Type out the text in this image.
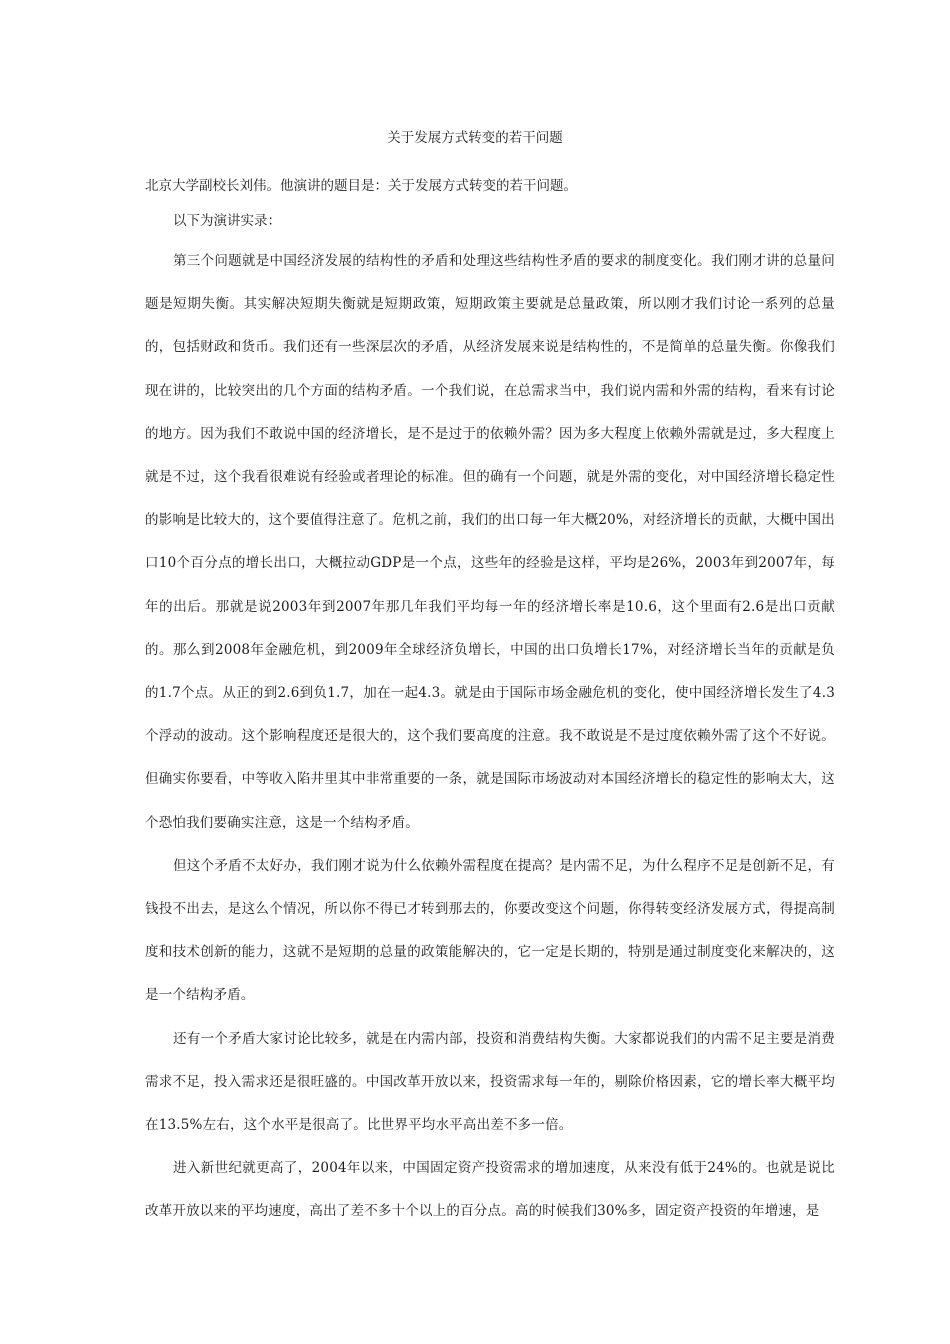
关于发展方式转变的若干问题

北京大学副校长刘伟。他演讲的题目是：关于发展方式转变的若干问题。

以下为演讲实录：

第三个问题就是中国经济发展的结构性的矛盾和处理这些结构性矛盾的要求的制度变化。我们刚才讲的总量问题是短期失衡。其实解决短期失衡就是短期政策，短期政策主要就是总量政策，所以刚才我们讨论一系列的总量的，包括财政和货币。我们还有一些深层次的矛盾，从经济发展来说是结构性的，不是简单的总量失衡。你像我们现在讲的，比较突出的几个方面的结构矛盾。一个我们说，在总需求当中，我们说内需和外需的结构，看来有讨论的地方。因为我们不敢说中国的经济增长，是不是过于的依赖外需？因为多大程度上依赖外需就是过，多大程度上就是不过，这个我看很难说有经验或者理论的标准。但的确有一个问题，就是外需的变化，对中国经济增长稳定性的影响是比较大的，这个要值得注意了。危机之前，我们的出口每一年大概20%，对经济增长的贡献，大概中国出口10个百分点的增长出口，大概拉动GDP是一个点，这些年的经验是这样，平均是26%，2003年到2007年，每年的出后。那就是说2003年到2007年那几年我们平均每一年的经济增长率是10.6，这个里面有2.6是出口贡献的。那么到2008年金融危机，到2009年全球经济负增长，中国的出口负增长17%，对经济增长当年的贡献是负的1.7个点。从正的到2.6到负1.7，加在一起4.3。就是由于国际市场金融危机的变化，使中国经济增长发生了4.3个浮动的波动。这个影响程度还是很大的，这个我们要高度的注意。我不敢说是不是过度依赖外需了这个不好说。但确实你要看，中等收入陷井里其中非常重要的一条，就是国际市场波动对本国经济增长的稳定性的影响太大，这个恐怕我们要确实注意，这是一个结构矛盾。

但这个矛盾不太好办，我们刚才说为什么依赖外需程度在提高？是内需不足，为什么程序不足是创新不足，有钱投不出去，是这么个情况，所以你不得已才转到那去的，你要改变这个问题，你得转变经济发展方式，得提高制度和技术创新的能力，这就不是短期的总量的政策能解决的，它一定是长期的，特别是通过制度变化来解决的，这是一个结构矛盾。

还有一个矛盾大家讨论比较多，就是在内需内部，投资和消费结构失衡。大家都说我们的内需不足主要是消费需求不足，投入需求还是很旺盛的。中国改革开放以来，投资需求每一年的，剔除价格因素，它的增长率大概平均在13.5%左右，这个水平是很高了。比世界平均水平高出差不多一倍。

进入新世纪就更高了，2004年以来，中国固定资产投资需求的增加速度，从来没有低于24%的。也就是说比改革开放以来的平均速度，高出了差不多十个以上的百分点。高的时候我们30%多，固定资产投资的年增速，是
